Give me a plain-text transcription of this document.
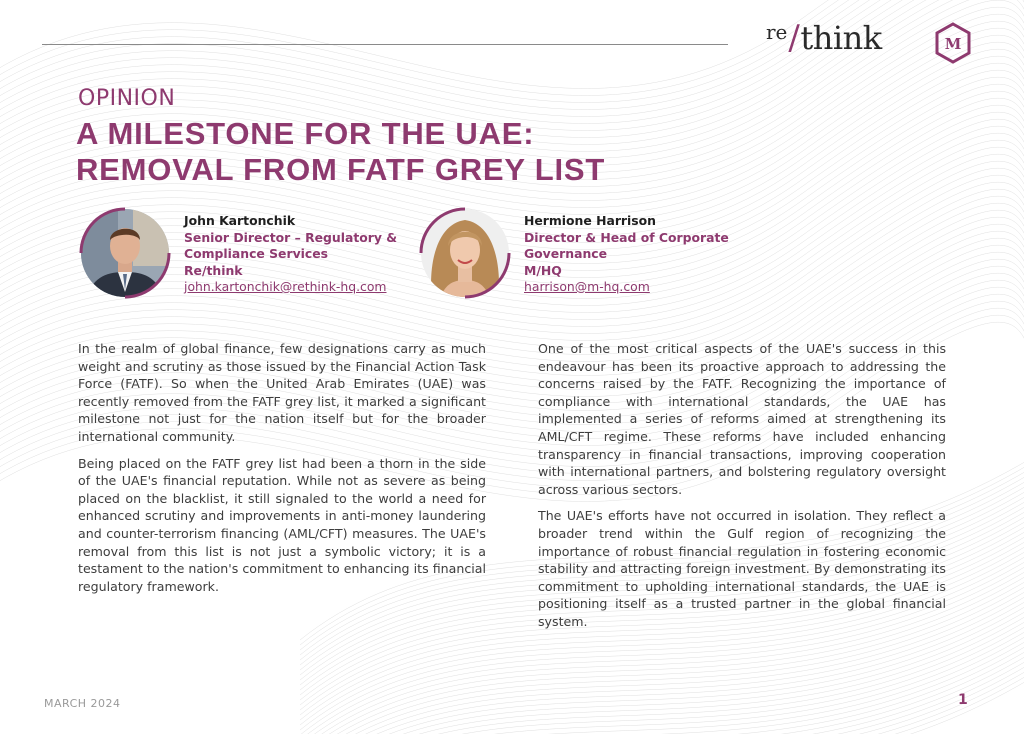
$^{re}$/think	M
OPINION
A MILESTONE FOR THE UAE:
REMOVAL FROM FATF GREY LIST
John Kartonchik
Senior Director – Regulatory &
Compliance Services
Re/think
john.kartonchik@rethink-hq.com
Hermione Harrison
Director & Head of Corporate
Governance
M/HQ
harrison@m-hq.com

In the realm of global finance, few designations carry as much weight and scrutiny as those issued by the Financial Action Task Force (FATF). So when the United Arab Emirates (UAE) was recently removed from the FATF grey list, it marked a significant milestone not just for the nation itself but for the broader international community.

Being placed on the FATF grey list had been a thorn in the side of the UAE's financial reputation. While not as severe as being placed on the blacklist, it still signaled to the world a need for enhanced scrutiny and improvements in anti-money laundering and counter-terrorism financing (AML/CFT) measures. The UAE's removal from this list is not just a symbolic victory; it is a testament to the nation's commitment to enhancing its financial regulatory framework.

One of the most critical aspects of the UAE's success in this endeavour has been its proactive approach to addressing the concerns raised by the FATF. Recognizing the importance of compliance with international standards, the UAE has implemented a series of reforms aimed at strengthening its AML/CFT regime. These reforms have included enhancing transparency in financial transactions, improving cooperation with international partners, and bolstering regulatory oversight across various sectors.

The UAE's efforts have not occurred in isolation. They reflect a broader trend within the Gulf region of recognizing the importance of robust financial regulation in fostering economic stability and attracting foreign investment. By demonstrating its commitment to upholding international standards, the UAE is positioning itself as a trusted partner in the global financial system.

MARCH 2024	1
